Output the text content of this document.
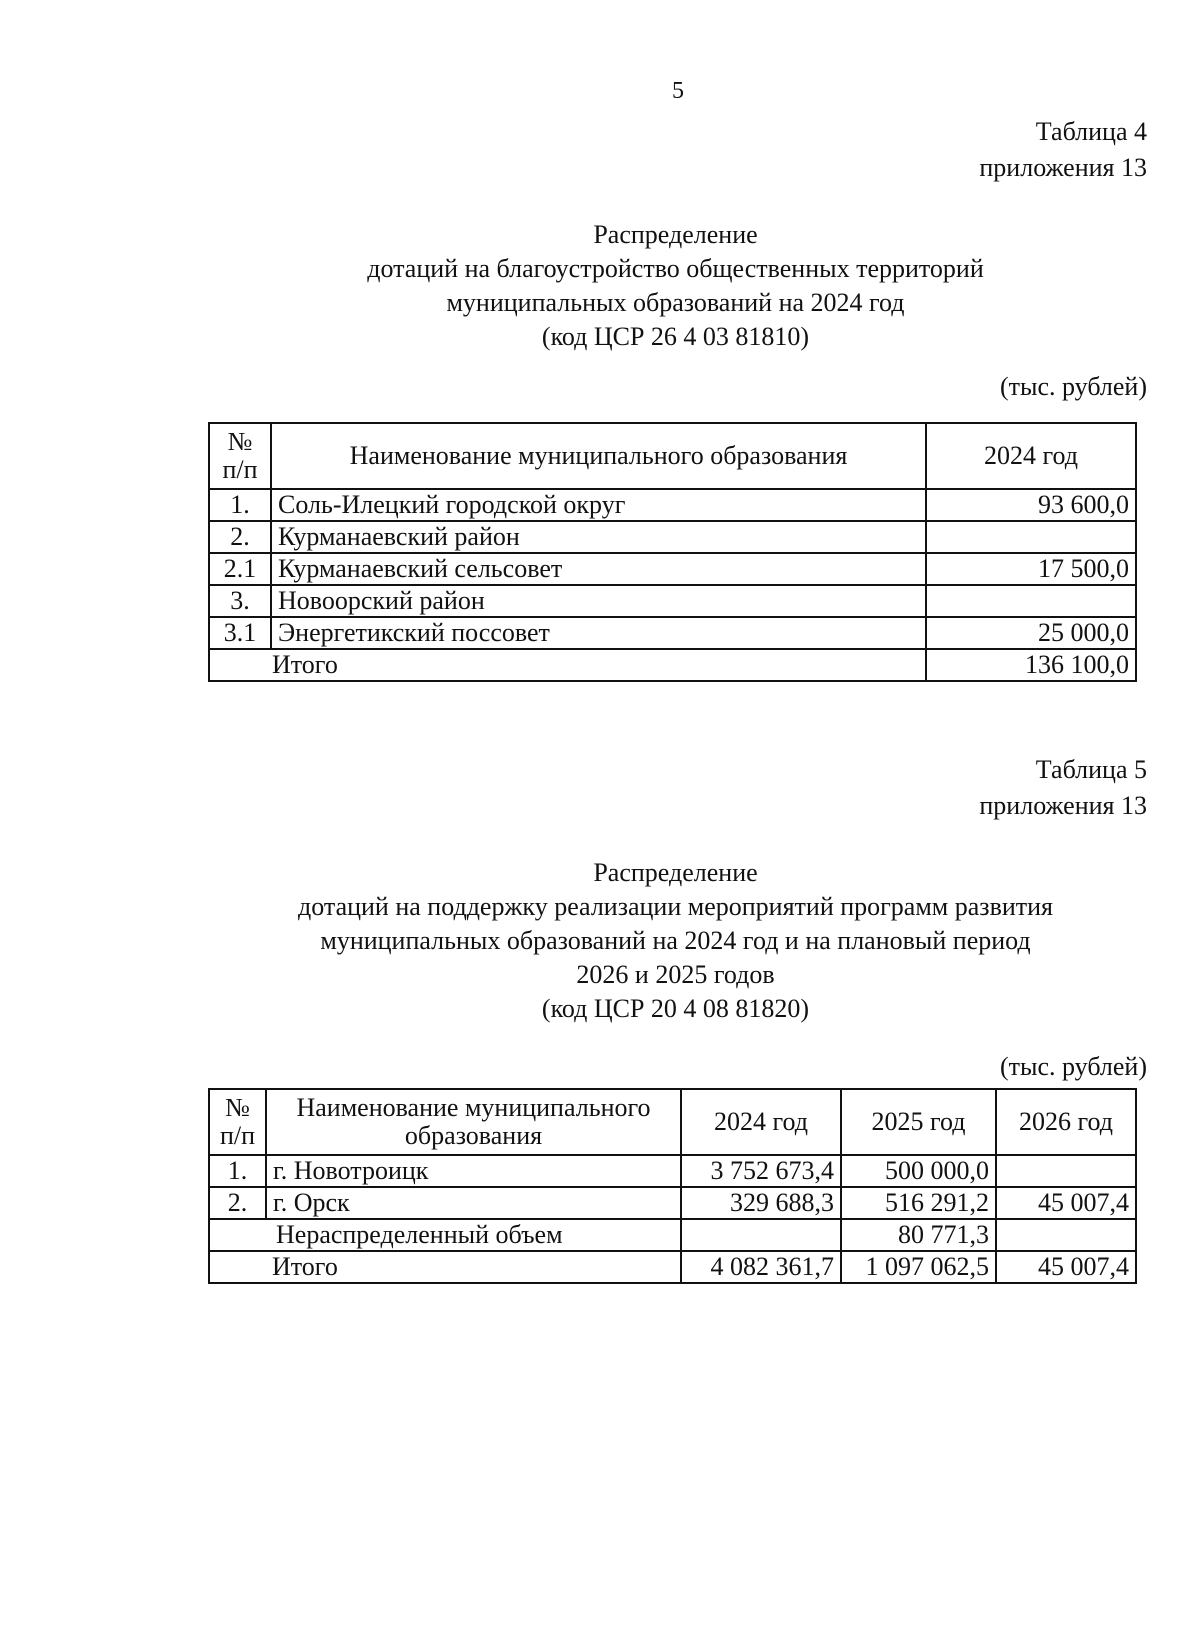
5
Таблица 4
приложения 13
Распределение
дотаций на благоустройство общественных территорий
муниципальных образований на 2024 год
(код ЦСР 26 4 03 81810)
(тыс. рублей)
№
п/п	Наименование муниципального образования	2024 год
1.	Соль-Илецкий городской округ	93 600,0
2.	Курманаевский район	
2.1	Курманаевский сельсовет	17 500,0
3.	Новоорский район	
3.1	Энергетикский поссовет	25 000,0
Итого		136 100,0
Таблица 5
приложения 13
Распределение
дотаций на поддержку реализации мероприятий программ развития
муниципальных образований на 2024 год и на плановый период
2026 и 2025 годов
(код ЦСР 20 4 08 81820)
(тыс. рублей)
№
п/п	Наименование муниципального
образования	2024 год	2025 год	2026 год
1.	г. Новотроицк	3 752 673,4	500 000,0	
2.	г. Орск	329 688,3	516 291,2	45 007,4
Нераспределенный объем			80 771,3	
Итого		4 082 361,7	1 097 062,5	45 007,4
